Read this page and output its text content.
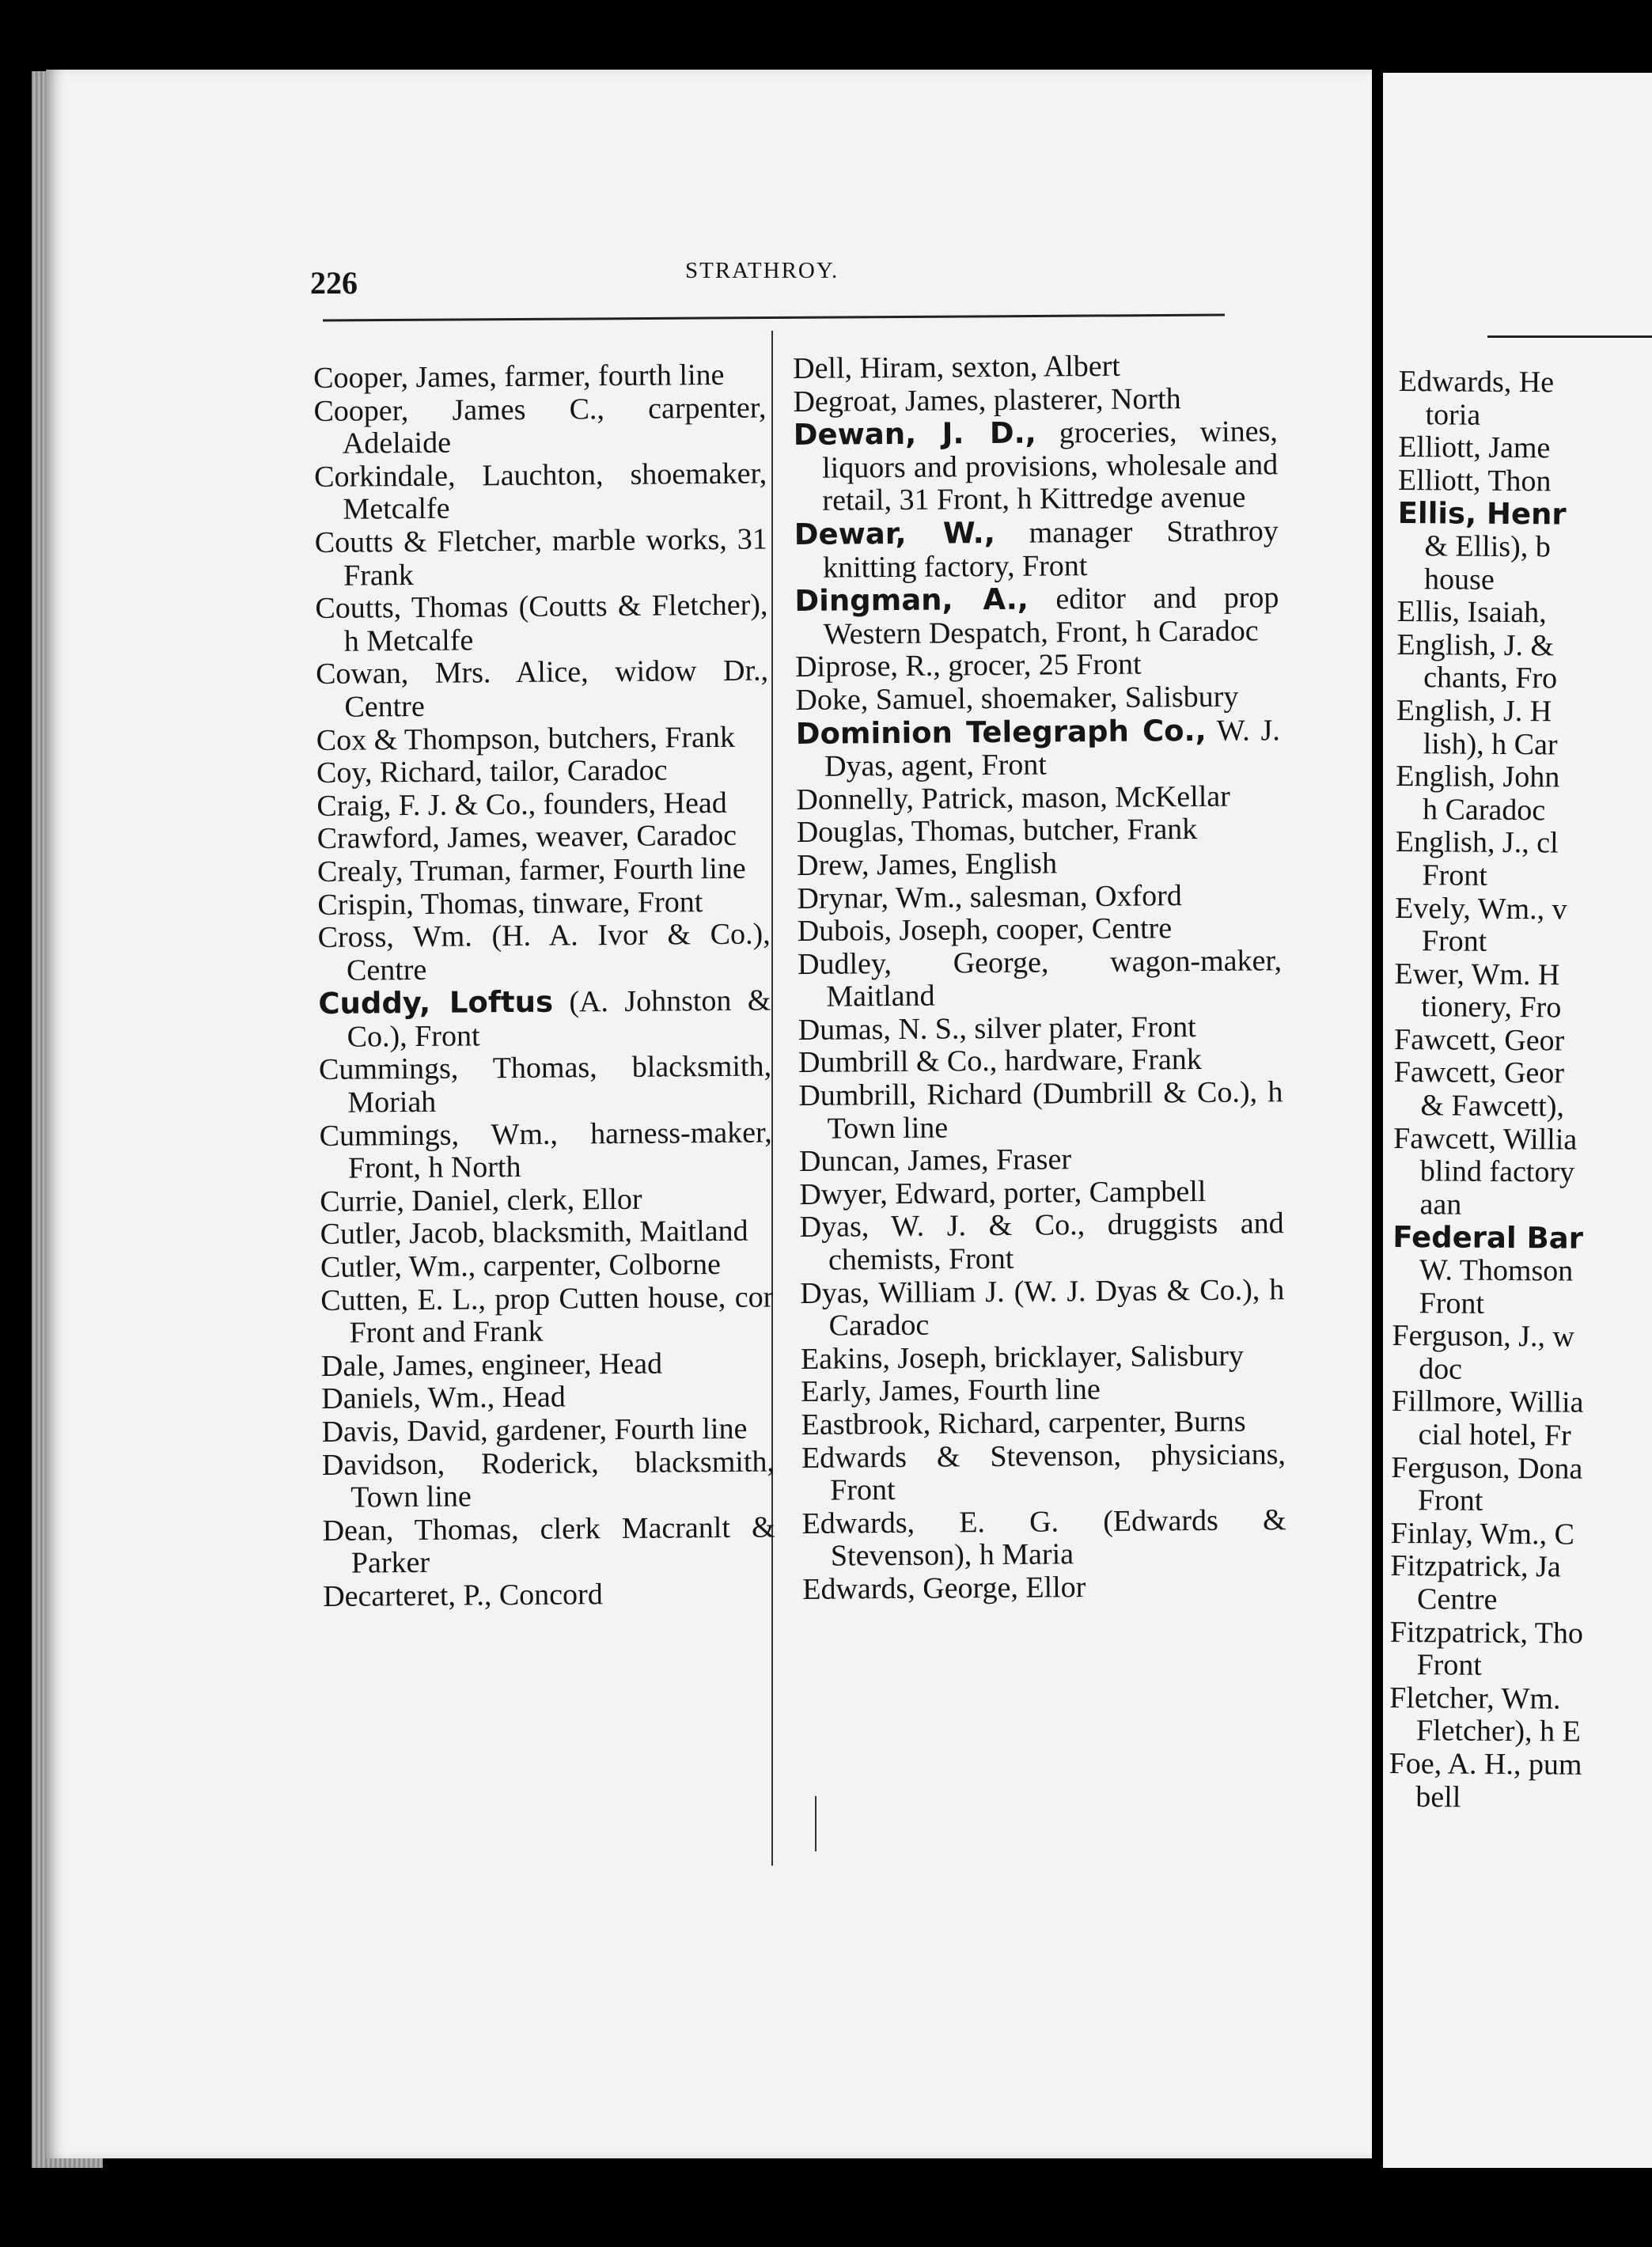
226	STRATHROY.
Cooper, James, farmer, fourth line
Cooper, James C., carpenter, Adelaide
Corkindale, Lauchton, shoemaker, Metcalfe
Coutts & Fletcher, marble works, 31 Frank
Coutts, Thomas (Coutts & Fletcher), h Metcalfe
Cowan, Mrs. Alice, widow Dr., Centre
Cox & Thompson, butchers, Frank
Coy, Richard, tailor, Caradoc
Craig, F. J. & Co., founders, Head
Crawford, James, weaver, Caradoc
Crealy, Truman, farmer, Fourth line
Crispin, Thomas, tinware, Front
Cross, Wm. (H. A. Ivor & Co.), Centre
Cuddy, Loftus (A. Johnston & Co.), Front
Cummings, Thomas, blacksmith, Moriah
Cummings, Wm., harness-maker, Front, h North
Currie, Daniel, clerk, Ellor
Cutler, Jacob, blacksmith, Maitland
Cutler, Wm., carpenter, Colborne
Cutten, E. L., prop Cutten house, cor Front and Frank
Dale, James, engineer, Head
Daniels, Wm., Head
Davis, David, gardener, Fourth line
Davidson, Roderick, blacksmith, Town line
Dean, Thomas, clerk Macranlt & Parker
Decarteret, P., Concord
Dell, Hiram, sexton, Albert
Degroat, James, plasterer, North
Dewan, J. D., groceries, wines, liquors and provisions, wholesale and retail, 31 Front, h Kittredge avenue
Dewar, W., manager Strathroy knitting factory, Front
Dingman, A., editor and prop Western Despatch, Front, h Caradoc
Diprose, R., grocer, 25 Front
Doke, Samuel, shoemaker, Salisbury
Dominion Telegraph Co., W. J. Dyas, agent, Front
Donnelly, Patrick, mason, McKellar
Douglas, Thomas, butcher, Frank
Drew, James, English
Drynar, Wm., salesman, Oxford
Dubois, Joseph, cooper, Centre
Dudley, George, wagon-maker, Maitland
Dumas, N. S., silver plater, Front
Dumbrill & Co., hardware, Frank
Dumbrill, Richard (Dumbrill & Co.), h Town line
Duncan, James, Fraser
Dwyer, Edward, porter, Campbell
Dyas, W. J. & Co., druggists and chemists, Front
Dyas, William J. (W. J. Dyas & Co.), h Caradoc
Eakins, Joseph, bricklayer, Salisbury
Early, James, Fourth line
Eastbrook, Richard, carpenter, Burns
Edwards & Stevenson, physicians, Front
Edwards, E. G. (Edwards & Stevenson), h Maria
Edwards, George, Ellor
Edwards, He
toria
Elliott, Jame
Elliott, Thon
Ellis, Henr
& Ellis), b
house
Ellis, Isaiah,
English, J. &
chants, Fro
English, J. H
lish), h Car
English, John
h Caradoc
English, J., cl
Front
Evely, Wm., v
Front
Ewer, Wm. H
tionery, Fro
Fawcett, Geor
Fawcett, Geor
& Fawcett),
Fawcett, Willia
blind factory
aan
Federal Bar
W. Thomson
Front
Ferguson, J., w
doc
Fillmore, Willia
cial hotel, Fr
Ferguson, Dona
Front
Finlay, Wm., C
Fitzpatrick, Ja
Centre
Fitzpatrick, Tho
Front
Fletcher, Wm.
Fletcher), h E
Foe, A. H., pum
bell
